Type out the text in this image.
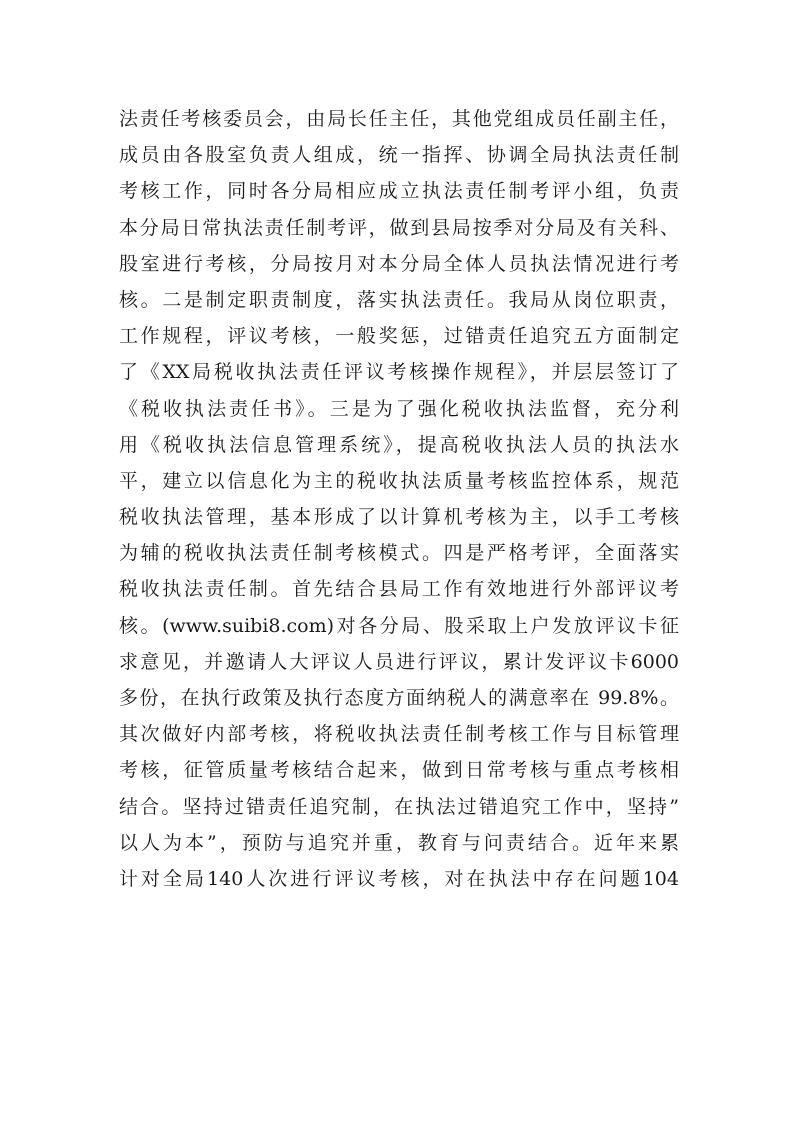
法责任考核委员会，由局长任主任，其他党组成员任副主任，
成员由各股室负责人组成，统一指挥、协调全局执法责任制
考核工作，同时各分局相应成立执法责任制考评小组，负责
本分局日常执法责任制考评，做到县局按季对分局及有关科、
股室进行考核，分局按月对本分局全体人员执法情况进行考
核。二是制定职责制度，落实执法责任。我局从岗位职责，
工作规程，评议考核，一般奖惩，过错责任追究五方面制定
了《XX局税收执法责任评议考核操作规程》，并层层签订了
《税收执法责任书》。三是为了强化税收执法监督，充分利
用《税收执法信息管理系统》，提高税收执法人员的执法水
平，建立以信息化为主的税收执法质量考核监控体系，规范
税收执法管理，基本形成了以计算机考核为主，以手工考核
为辅的税收执法责任制考核模式。四是严格考评，全面落实
税收执法责任制。首先结合县局工作有效地进行外部评议考
核。(www.suibi8.com)对各分局、股采取上户发放评议卡征
求意见，并邀请人大评议人员进行评议，累计发评议卡6000
多份，在执行政策及执行态度方面纳税人的满意率在 99.8%。
其次做好内部考核，将税收执法责任制考核工作与目标管理
考核，征管质量考核结合起来，做到日常考核与重点考核相
结合。坚持过错责任追究制，在执法过错追究工作中，坚持”
以人为本”，预防与追究并重，教育与问责结合。近年来累
计对全局140人次进行评议考核，对在执法中存在问题104
